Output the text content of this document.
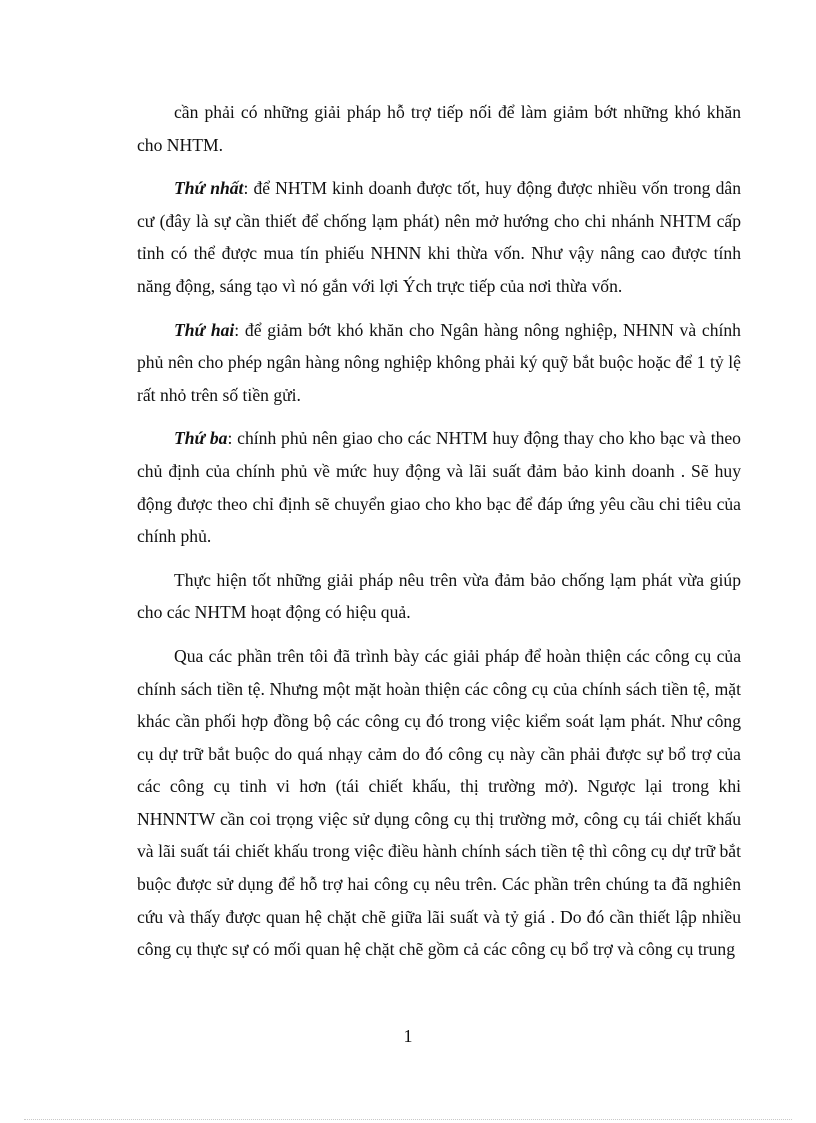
cần phải có những giải pháp hỗ trợ tiếp nối để làm giảm bớt những khó khăn cho NHTM.

Thứ nhất: để NHTM kinh doanh được tốt, huy động được nhiều vốn trong dân cư (đây là sự cần thiết để chống lạm phát) nên mở hướng cho chi nhánh NHTM cấp tỉnh có thể được mua tín phiếu NHNN khi thừa vốn. Như vậy nâng cao được tính năng động, sáng tạo vì nó gắn với lợi Ých trực tiếp của nơi thừa vốn.

Thứ hai: để giảm bớt khó khăn cho Ngân hàng nông nghiệp, NHNN và chính phủ nên cho phép ngân hàng nông nghiệp không phải ký quỹ bắt buộc hoặc để 1 tỷ lệ rất nhỏ trên số tiền gửi.

Thứ ba: chính phủ nên giao cho các NHTM huy động thay cho kho bạc và theo chủ định của chính phủ về mức huy động và lãi suất đảm bảo kinh doanh . Sẽ huy động được theo chỉ định sẽ chuyển giao cho kho bạc để đáp ứng yêu cầu chi tiêu của chính phủ.

Thực hiện tốt những giải pháp nêu trên vừa đảm bảo chống lạm phát vừa giúp cho các NHTM hoạt động có hiệu quả.

Qua các phần trên tôi đã trình bày các giải pháp để hoàn thiện các công cụ của chính sách tiền tệ. Nhưng một mặt hoàn thiện các công cụ của chính sách tiền tệ, mặt khác cần phối hợp đồng bộ các công cụ đó trong việc kiểm soát lạm phát. Như công cụ dự trữ bắt buộc do quá nhạy cảm do đó công cụ này cần phải được sự bổ trợ của các công cụ tinh vi hơn (tái chiết khấu, thị trường mở). Ngược lại trong khi NHNNTW cần coi trọng việc sử dụng công cụ thị trường mở, công cụ tái chiết khấu và lãi suất tái chiết khấu trong việc điều hành chính sách tiền tệ thì công cụ dự trữ bắt buộc được sử dụng để hỗ trợ hai công cụ nêu trên. Các phần trên chúng ta đã nghiên cứu và thấy được quan hệ chặt chẽ giữa lãi suất và tỷ giá . Do đó cần thiết lập nhiều công cụ thực sự có mối quan hệ chặt chẽ gồm cả các công cụ bổ trợ và công cụ trung

1
